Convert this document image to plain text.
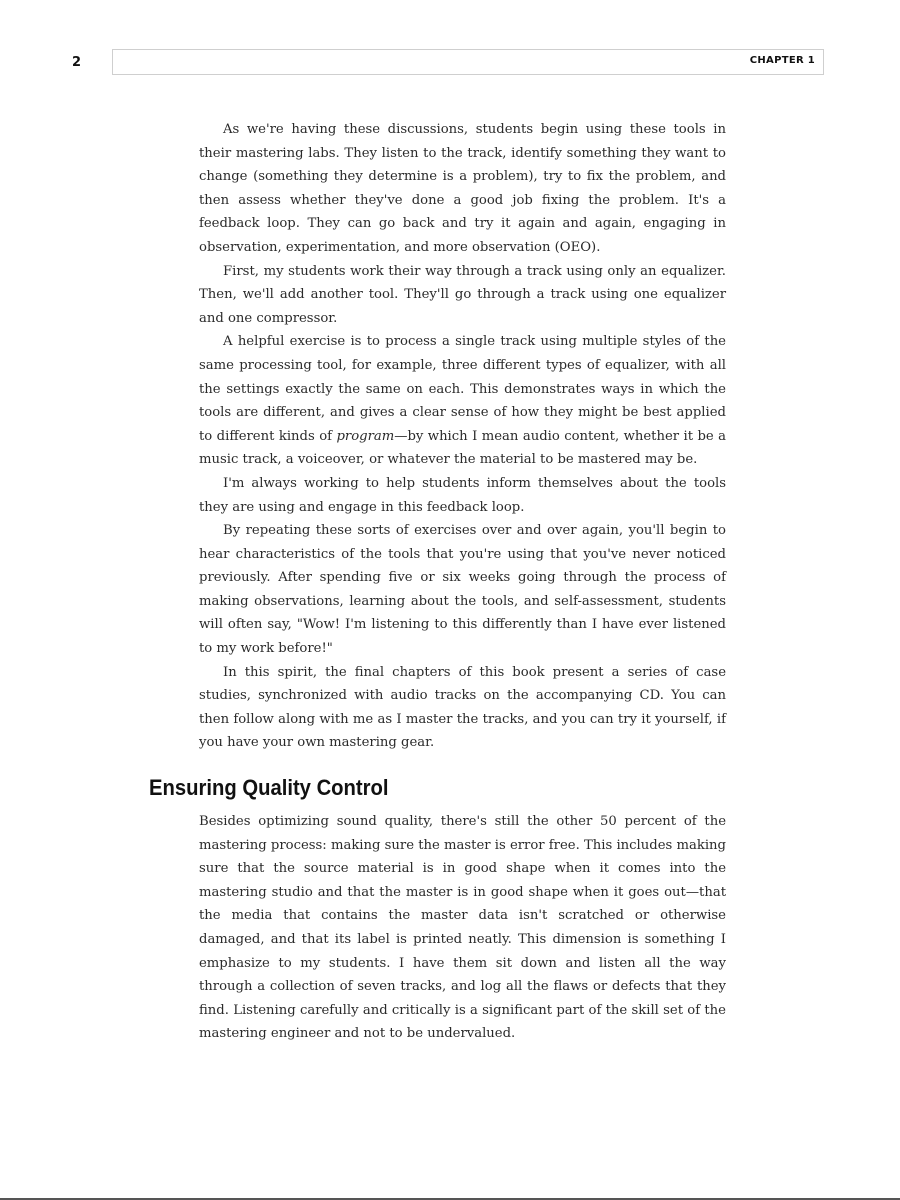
2	CHAPTER 1

As we're having these discussions, students begin using these tools in their mastering labs. They listen to the track, identify something they want to change (something they determine is a problem), try to fix the problem, and then assess whether they've done a good job fixing the problem. It's a feedback loop. They can go back and try it again and again, engaging in observation, experimentation, and more observation (OEO).

First, my students work their way through a track using only an equalizer. Then, we'll add another tool. They'll go through a track using one equalizer and one compressor.

A helpful exercise is to process a single track using multiple styles of the same processing tool, for example, three different types of equalizer, with all the settings exactly the same on each. This demonstrates ways in which the tools are different, and gives a clear sense of how they might be best applied to different kinds of program—by which I mean audio content, whether it be a music track, a voiceover, or whatever the material to be mastered may be.

I'm always working to help students inform themselves about the tools they are using and engage in this feedback loop.

By repeating these sorts of exercises over and over again, you'll begin to hear characteristics of the tools that you're using that you've never noticed previously. After spending five or six weeks going through the process of making observations, learning about the tools, and self-assessment, students will often say, "Wow! I'm listening to this differently than I have ever listened to my work before!"

In this spirit, the final chapters of this book present a series of case studies, synchronized with audio tracks on the accompanying CD. You can then follow along with me as I master the tracks, and you can try it yourself, if you have your own mastering gear.

Ensuring Quality Control

Besides optimizing sound quality, there's still the other 50 percent of the mastering process: making sure the master is error free. This includes making sure that the source material is in good shape when it comes into the mastering studio and that the master is in good shape when it goes out—that the media that contains the master data isn't scratched or otherwise damaged, and that its label is printed neatly. This dimension is something I emphasize to my students. I have them sit down and listen all the way through a collection of seven tracks, and log all the flaws or defects that they find. Listening carefully and critically is a significant part of the skill set of the mastering engineer and not to be undervalued.
